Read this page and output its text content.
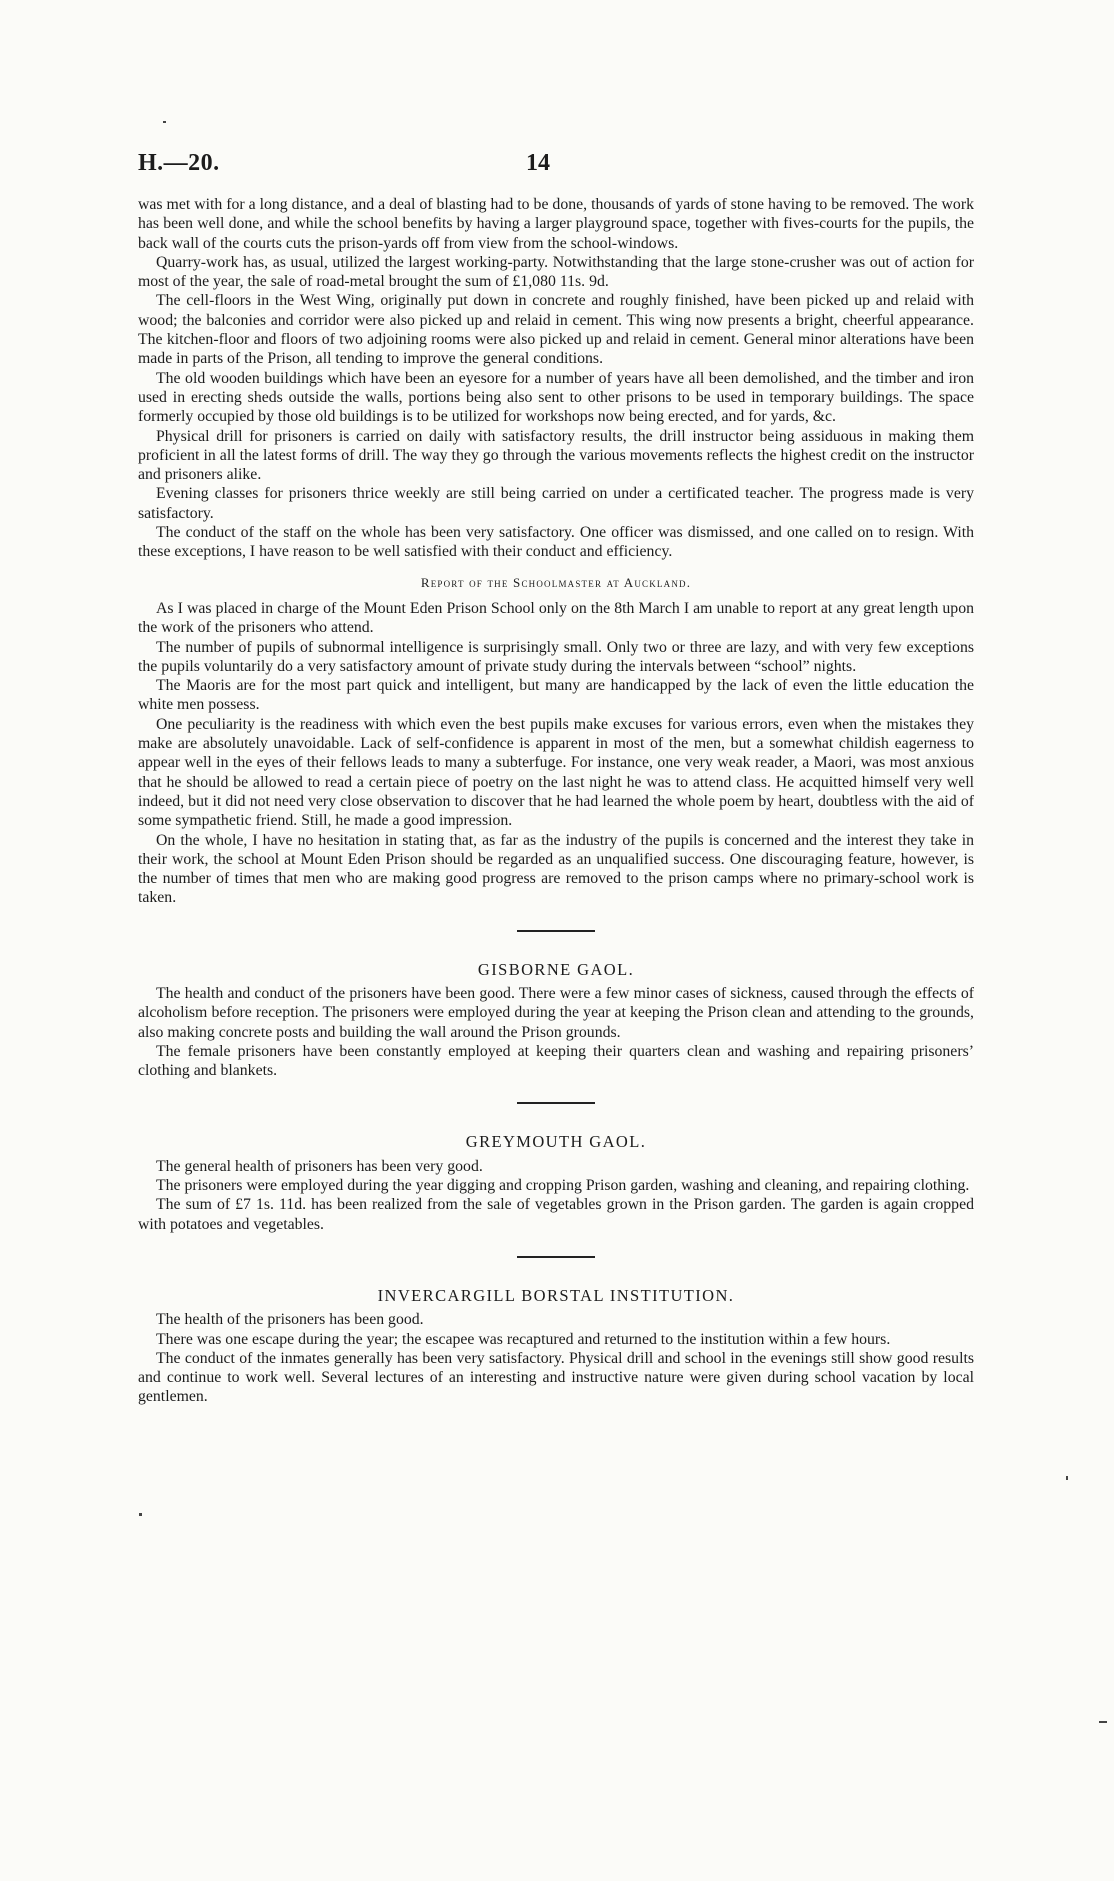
H.—20.	14

was met with for a long distance, and a deal of blasting had to be done, thousands of yards of stone having to be removed. The work has been well done, and while the school benefits by having a larger playground space, together with fives-courts for the pupils, the back wall of the courts cuts the prison-yards off from view from the school-windows.

Quarry-work has, as usual, utilized the largest working-party. Notwithstanding that the large stone-crusher was out of action for most of the year, the sale of road-metal brought the sum of £1,080 11s. 9d.

The cell-floors in the West Wing, originally put down in concrete and roughly finished, have been picked up and relaid with wood; the balconies and corridor were also picked up and relaid in cement. This wing now presents a bright, cheerful appearance. The kitchen-floor and floors of two adjoining rooms were also picked up and relaid in cement. General minor alterations have been made in parts of the Prison, all tending to improve the general conditions.

The old wooden buildings which have been an eyesore for a number of years have all been demolished, and the timber and iron used in erecting sheds outside the walls, portions being also sent to other prisons to be used in temporary buildings. The space formerly occupied by those old buildings is to be utilized for workshops now being erected, and for yards, &c.

Physical drill for prisoners is carried on daily with satisfactory results, the drill instructor being assiduous in making them proficient in all the latest forms of drill. The way they go through the various movements reflects the highest credit on the instructor and prisoners alike.

Evening classes for prisoners thrice weekly are still being carried on under a certificated teacher. The progress made is very satisfactory.

The conduct of the staff on the whole has been very satisfactory. One officer was dismissed, and one called on to resign. With these exceptions, I have reason to be well satisfied with their conduct and efficiency.

Report of the Schoolmaster at Auckland.

As I was placed in charge of the Mount Eden Prison School only on the 8th March I am unable to report at any great length upon the work of the prisoners who attend.

The number of pupils of subnormal intelligence is surprisingly small. Only two or three are lazy, and with very few exceptions the pupils voluntarily do a very satisfactory amount of private study during the intervals between “school” nights.

The Maoris are for the most part quick and intelligent, but many are handicapped by the lack of even the little education the white men possess.

One peculiarity is the readiness with which even the best pupils make excuses for various errors, even when the mistakes they make are absolutely unavoidable. Lack of self-confidence is apparent in most of the men, but a somewhat childish eagerness to appear well in the eyes of their fellows leads to many a subterfuge. For instance, one very weak reader, a Maori, was most anxious that he should be allowed to read a certain piece of poetry on the last night he was to attend class. He acquitted himself very well indeed, but it did not need very close observation to discover that he had learned the whole poem by heart, doubtless with the aid of some sympathetic friend. Still, he made a good impression.

On the whole, I have no hesitation in stating that, as far as the industry of the pupils is concerned and the interest they take in their work, the school at Mount Eden Prison should be regarded as an unqualified success. One discouraging feature, however, is the number of times that men who are making good progress are removed to the prison camps where no primary-school work is taken.

GISBORNE GAOL.

The health and conduct of the prisoners have been good. There were a few minor cases of sickness, caused through the effects of alcoholism before reception. The prisoners were employed during the year at keeping the Prison clean and attending to the grounds, also making concrete posts and building the wall around the Prison grounds.

The female prisoners have been constantly employed at keeping their quarters clean and washing and repairing prisoners’ clothing and blankets.

GREYMOUTH GAOL.

The general health of prisoners has been very good.

The prisoners were employed during the year digging and cropping Prison garden, washing and cleaning, and repairing clothing.

The sum of £7 1s. 11d. has been realized from the sale of vegetables grown in the Prison garden. The garden is again cropped with potatoes and vegetables.

INVERCARGILL BORSTAL INSTITUTION.

The health of the prisoners has been good.

There was one escape during the year; the escapee was recaptured and returned to the institution within a few hours.

The conduct of the inmates generally has been very satisfactory. Physical drill and school in the evenings still show good results and continue to work well. Several lectures of an interesting and instructive nature were given during school vacation by local gentlemen.
